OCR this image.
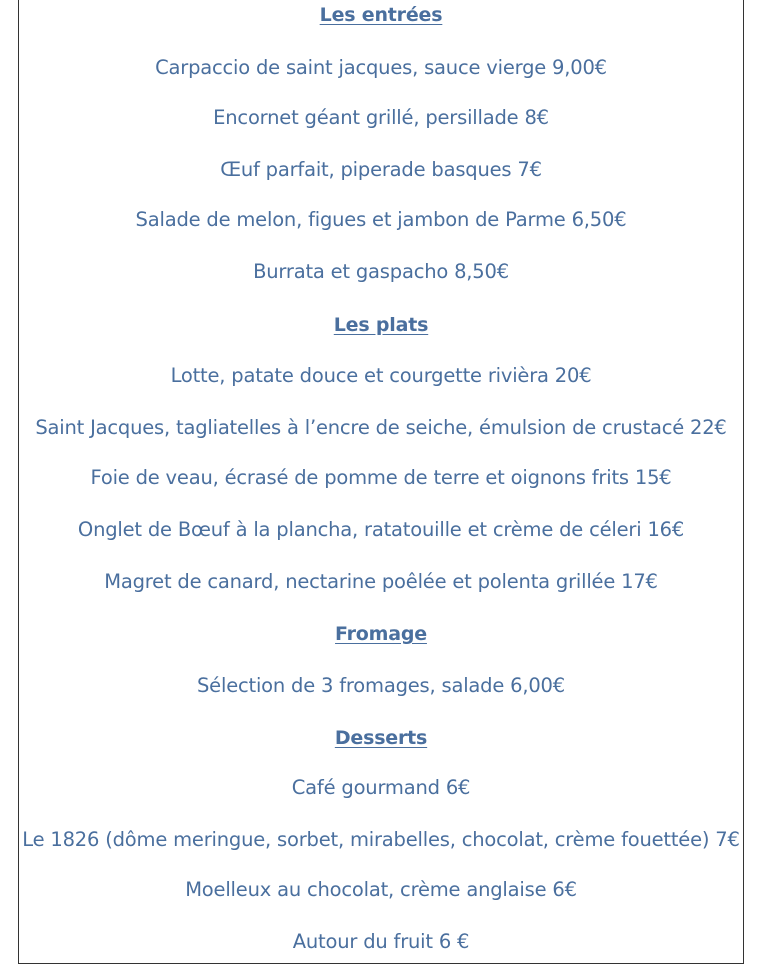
Les entrées
Carpaccio de saint jacques, sauce vierge 9,00€
Encornet géant grillé, persillade 8€
Œuf parfait, piperade basques 7€
Salade de melon, figues et jambon de Parme 6,50€
Burrata et gaspacho 8,50€
Les plats
Lotte, patate douce et courgette rivièra 20€
Saint Jacques, tagliatelles à l’encre de seiche, émulsion de crustacé 22€
Foie de veau, écrasé de pomme de terre et oignons frits 15€
Onglet de Bœuf à la plancha, ratatouille et crème de céleri 16€
Magret de canard, nectarine poêlée et polenta grillée 17€
Fromage
Sélection de 3 fromages, salade 6,00€
Desserts
Café gourmand 6€
Le 1826 (dôme meringue, sorbet, mirabelles, chocolat, crème fouettée) 7€
Moelleux au chocolat, crème anglaise 6€
Autour du fruit 6 €
